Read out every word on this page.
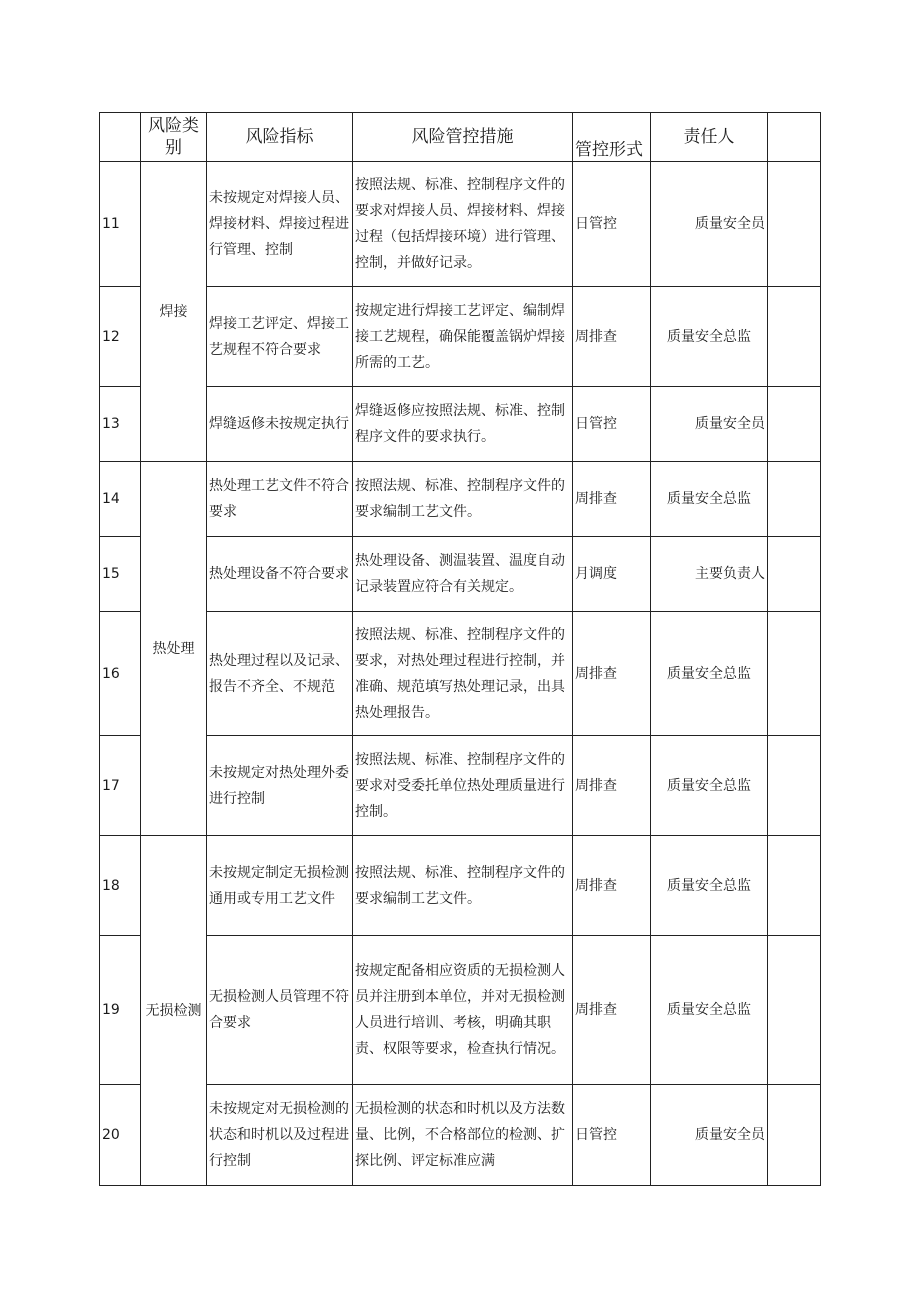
	风险类别	风险指标	风险管控措施	管控形式	责任人	
11	焊接	未按规定对焊接人员、焊接材料、焊接过程进行管理、控制	按照法规、标准、控制程序文件的要求对焊接人员、焊接材料、焊接过程（包括焊接环境）进行管理、控制，并做好记录。	日管控	质量安全员	
12		焊接工艺评定、焊接工艺规程不符合要求	按规定进行焊接工艺评定、编制焊接工艺规程，确保能覆盖锅炉焊接所需的工艺。	周排查	质量安全总监	
13		焊缝返修未按规定执行	焊缝返修应按照法规、标准、控制程序文件的要求执行。	日管控	质量安全员	
14	热处理	热处理工艺文件不符合要求	按照法规、标准、控制程序文件的要求编制工艺文件。	周排查	质量安全总监	
15		热处理设备不符合要求	热处理设备、测温装置、温度自动记录装置应符合有关规定。	月调度	主要负责人	
16		热处理过程以及记录、报告不齐全、不规范	按照法规、标准、控制程序文件的要求，对热处理过程进行控制，并准确、规范填写热处理记录，出具热处理报告。	周排查	质量安全总监	
17		未按规定对热处理外委进行控制	按照法规、标准、控制程序文件的要求对受委托单位热处理质量进行控制。	周排查	质量安全总监	
18	无损检测	未按规定制定无损检测通用或专用工艺文件	按照法规、标准、控制程序文件的要求编制工艺文件。	周排查	质量安全总监	
19		无损检测人员管理不符合要求	按规定配备相应资质的无损检测人员并注册到本单位，并对无损检测人员进行培训、考核，明确其职责、权限等要求，检查执行情况。	周排查	质量安全总监	
20		未按规定对无损检测的状态和时机以及过程进行控制	无损检测的状态和时机以及方法数量、比例，不合格部位的检测、扩探比例、评定标准应满	日管控	质量安全员	
